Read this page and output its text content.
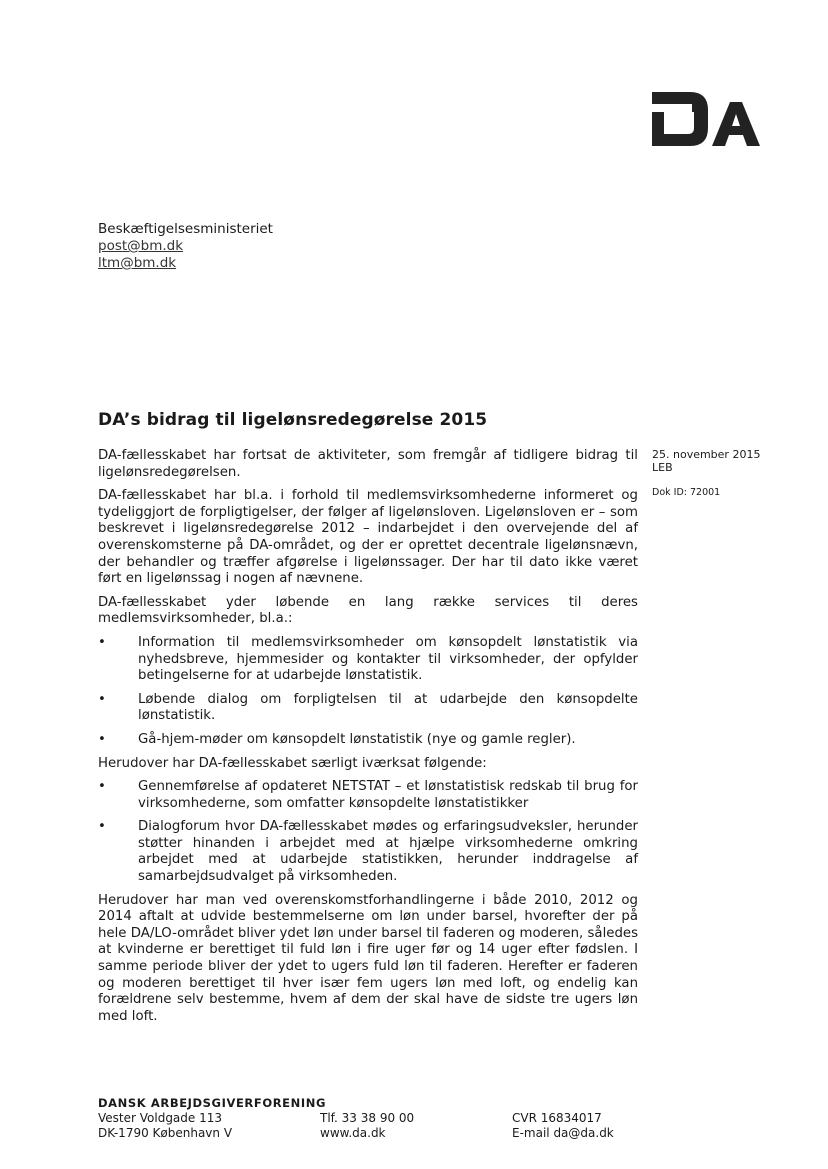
Beskæftigelsesministeriet
post@bm.dk
ltm@bm.dk
DA’s bidrag til ligelønsredegørelse 2015
25. november 2015
LEB
Dok ID: 72001

DA-fællesskabet har fortsat de aktiviteter, som fremgår af tidligere bidrag til ligelønsredegørelsen.

DA-fællesskabet har bl.a. i forhold til medlemsvirksomhederne informeret og tydeliggjort de forpligtigelser, der følger af ligelønsloven. Ligelønsloven er – som beskrevet i ligelønsredegørelse 2012 – indarbejdet i den overvejende del af overenskomsterne på DA-området, og der er oprettet decentrale ligelønsnævn, der behandler og træffer afgørelse i ligelønssager. Der har til dato ikke været ført en ligelønssag i nogen af nævnene.

DA-fællesskabet yder løbende en lang række services til deres medlemsvirksomheder, bl.a.:

• Information til medlemsvirksomheder om kønsopdelt lønstatistik via nyhedsbreve, hjemmesider og kontakter til virksomheder, der opfylder betingelserne for at udarbejde lønstatistik.
• Løbende dialog om forpligtelsen til at udarbejde den kønsopdelte lønstatistik.
• Gå-hjem-møder om kønsopdelt lønstatistik (nye og gamle regler).

Herudover har DA-fællesskabet særligt iværksat følgende:

• Gennemførelse af opdateret NETSTAT – et lønstatistisk redskab til brug for virksomhederne, som omfatter kønsopdelte lønstatistikker
• Dialogforum hvor DA-fællesskabet mødes og erfaringsudveksler, herunder støtter hinanden i arbejdet med at hjælpe virksomhederne omkring arbejdet med at udarbejde statistikken, herunder inddragelse af samarbejdsudvalget på virksomheden.

Herudover har man ved overenskomstforhandlingerne i både 2010, 2012 og 2014 aftalt at udvide bestemmelserne om løn under barsel, hvorefter der på hele DA/LO-området bliver ydet løn under barsel til faderen og moderen, således at kvinderne er berettiget til fuld løn i fire uger før og 14 uger efter fødslen. I samme periode bliver der ydet to ugers fuld løn til faderen. Herefter er faderen og moderen berettiget til hver især fem ugers løn med loft, og endelig kan forældrene selv bestemme, hvem af dem der skal have de sidste tre ugers løn med loft.

DANSK ARBEJDSGIVERFORENING
Vester Voldgade 113	Tlf. 33 38 90 00	CVR 16834017
DK-1790 København V	www.da.dk	E-mail da@da.dk
